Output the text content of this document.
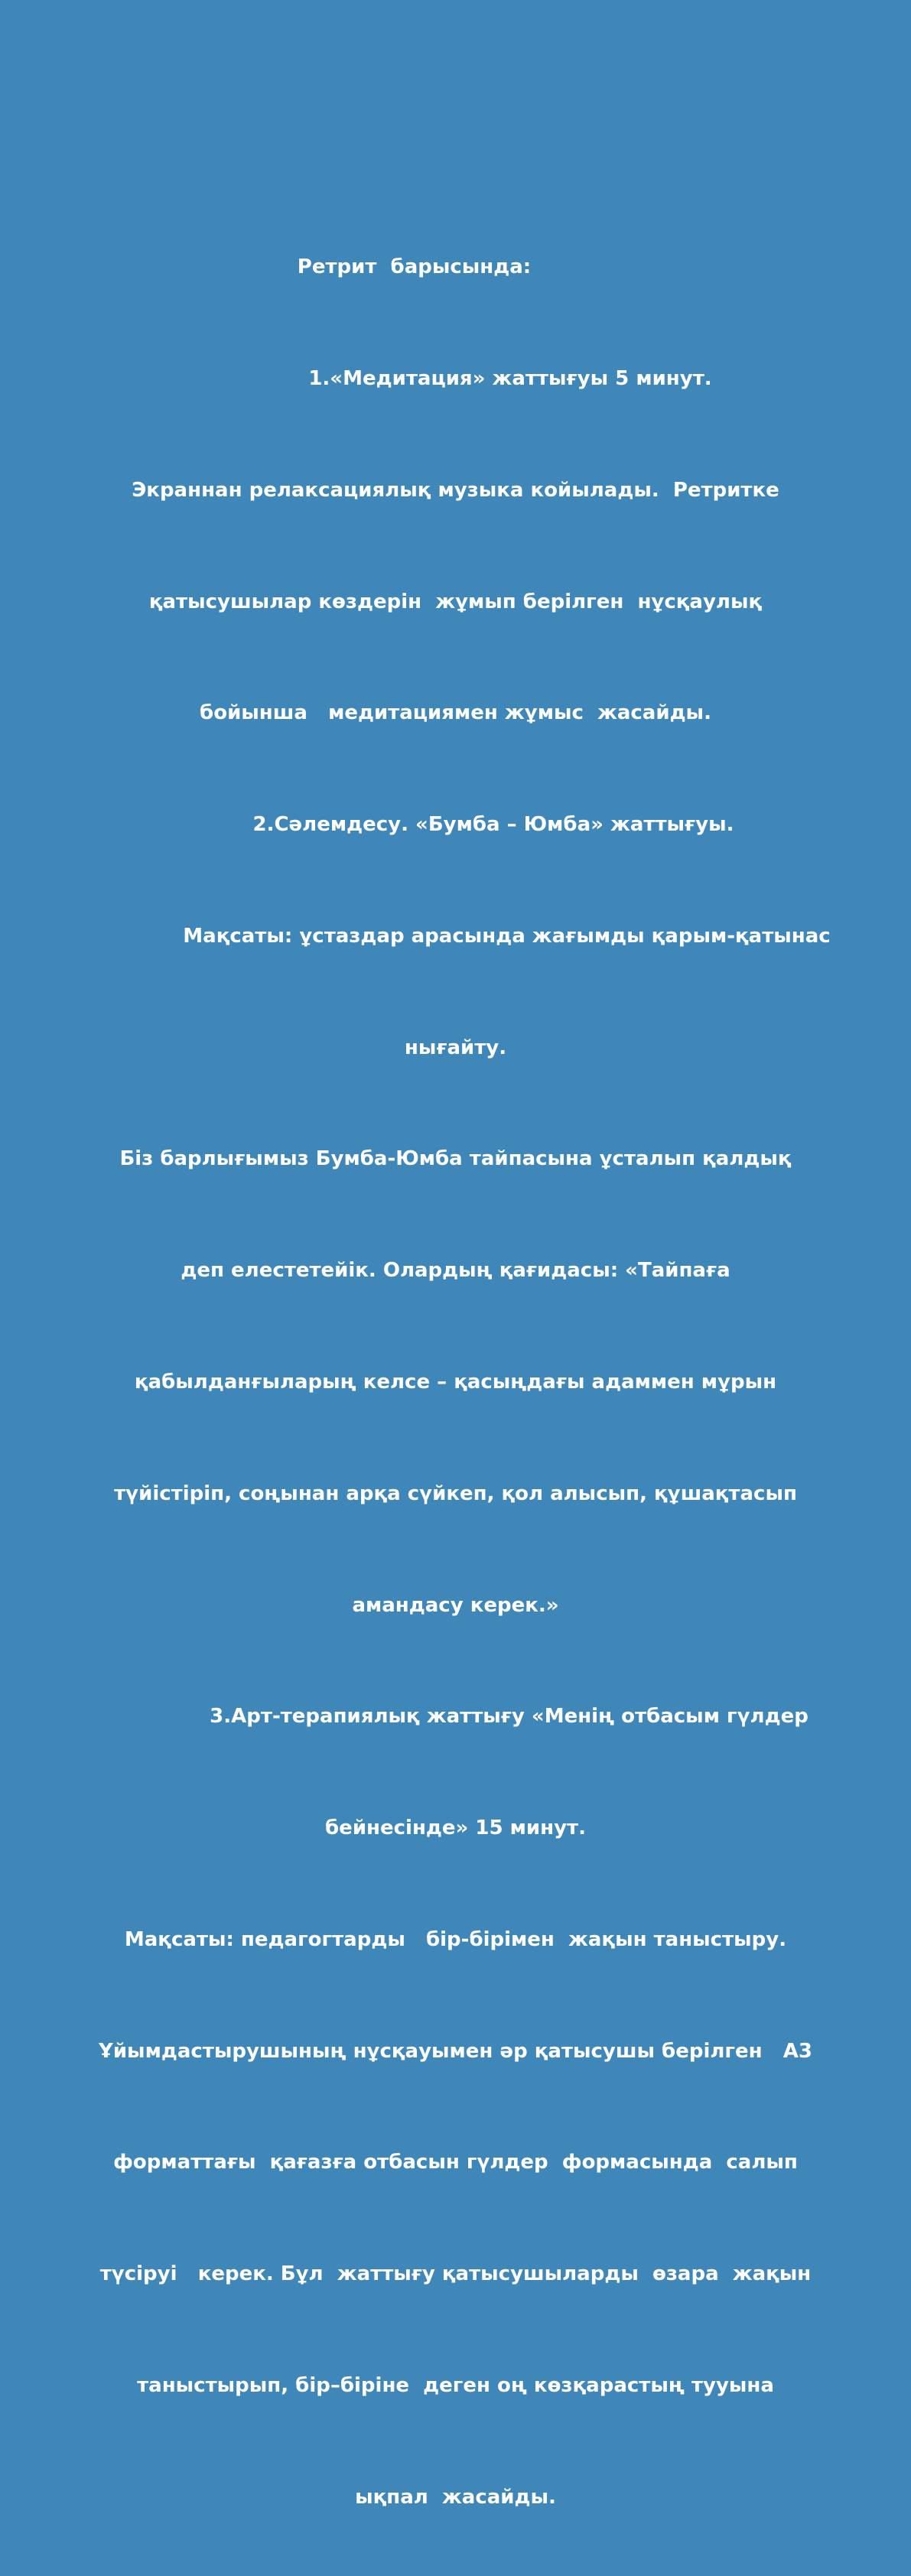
Ретрит  барысында:

1.«Медитация» жаттығуы 5 минут.

Экраннан релаксациялық музыка койылады.  Ретритке

қатысушылар көздерін  жұмып берілген  нұсқаулық

бойынша   медитациямен жұмыс  жасайды.

2.Сәлемдесу. «Бумба – Юмба» жаттығуы.

Мақсаты: ұстаздар арасында жағымды қарым-қатынас

нығайту.

Біз барлығымыз Бумба-Юмба тайпасына ұсталып қалдық

деп елестетейік. Олардың қағидасы: «Тайпаға

қабылданғыларың келсе – қасыңдағы адаммен мұрын

түйістіріп, соңынан арқа сүйкеп, қол алысып, құшақтасып

амандасу керек.»

3.Арт-терапиялық жаттығу «Менің отбасым гүлдер

бейнесінде» 15 минут.

Мақсаты: педагогтарды   бір-бірімен  жақын таныстыру.

Ұйымдастырушының нұсқауымен әр қатысушы берілген   А3

форматтағы  қағазға отбасын гүлдер  формасында  салып

түсіруі   керек. Бұл  жаттығу қатысушыларды  өзара  жақын

таныстырып, бір–біріне  деген оң көзқарастың тууына

ықпал  жасайды.
